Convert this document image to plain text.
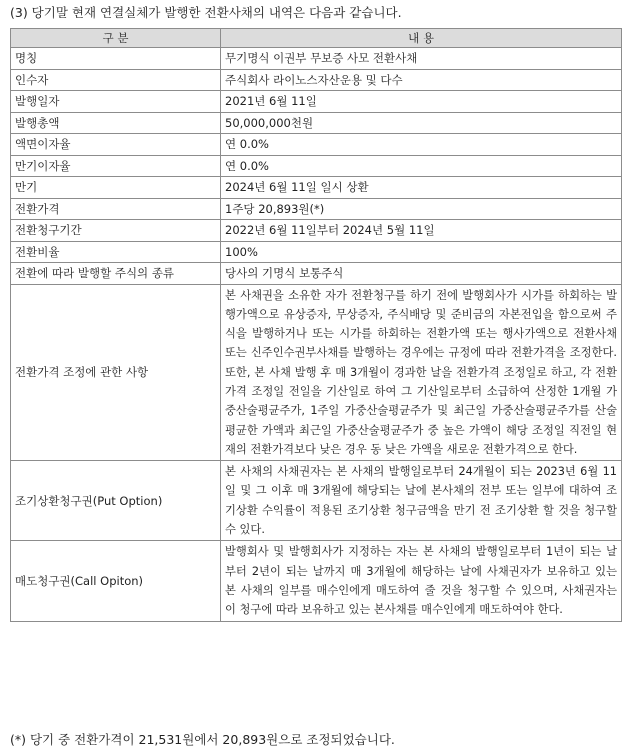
(3) 당기말 현재 연결실체가 발행한 전환사채의 내역은 다음과 같습니다.
구 분	내 용
명칭	무기명식 이권부 무보증 사모 전환사채
인수자	주식회사 라이노스자산운용 및 다수
발행일자	2021년 6월 11일
발행총액	50,000,000천원
액면이자율	연 0.0%
만기이자율	연 0.0%
만기	2024년 6월 11일 일시 상환
전환가격	1주당 20,893원(*)
전환청구기간	2022년 6월 11일부터 2024년 5월 11일
전환비율	100%
전환에 따라 발행할 주식의 종류	당사의 기명식 보통주식
전환가격 조정에 관한 사항	본 사채권을 소유한 자가 전환청구를 하기 전에 발행회사가 시가를 하회하는 발행가액으로 유상증자, 무상증자, 주식배당 및 준비금의 자본전입을 함으로써 주식을 발행하거나 또는 시가를 하회하는 전환가액 또는 행사가액으로 전환사채 또는 신주인수권부사채를 발행하는 경우에는 규정에 따라 전환가격을 조정한다. 또한, 본 사채 발행 후 매 3개월이 경과한 날을 전환가격 조정일로 하고, 각 전환가격 조정일 전일을 기산일로 하여 그 기산일로부터 소급하여 산정한 1개월 가중산술평균주가, 1주일 가중산술평균주가 및 최근일 가중산술평균주가를 산술평균한 가액과 최근일 가중산술평균주가 중 높은 가액이 해당 조정일 직전일 현재의 전환가격보다 낮은 경우 동 낮은 가액을 새로운 전환가격으로 한다.
조기상환청구권(Put Option)	본 사채의 사채권자는 본 사채의 발행일로부터 24개월이 되는 2023년 6월 11일 및 그 이후 매 3개월에 해당되는 날에 본사채의 전부 또는 일부에 대하여 조기상환 수익률이 적용된 조기상환 청구금액을 만기 전 조기상환 할 것을 청구할 수 있다.
매도청구권(Call Opiton)	발행회사 및 발행회사가 지정하는 자는 본 사채의 발행일로부터 1년이 되는 날 부터 2년이 되는 날까지 매 3개월에 해당하는 날에 사채권자가 보유하고 있는 본 사채의 일부를 매수인에게 매도하여 줄 것을 청구할 수 있으며, 사채권자는 이 청구에 따라 보유하고 있는 본사채를 매수인에게 매도하여야 한다.
(*) 당기 중 전환가격이 21,531원에서 20,893원으로 조정되었습니다.
